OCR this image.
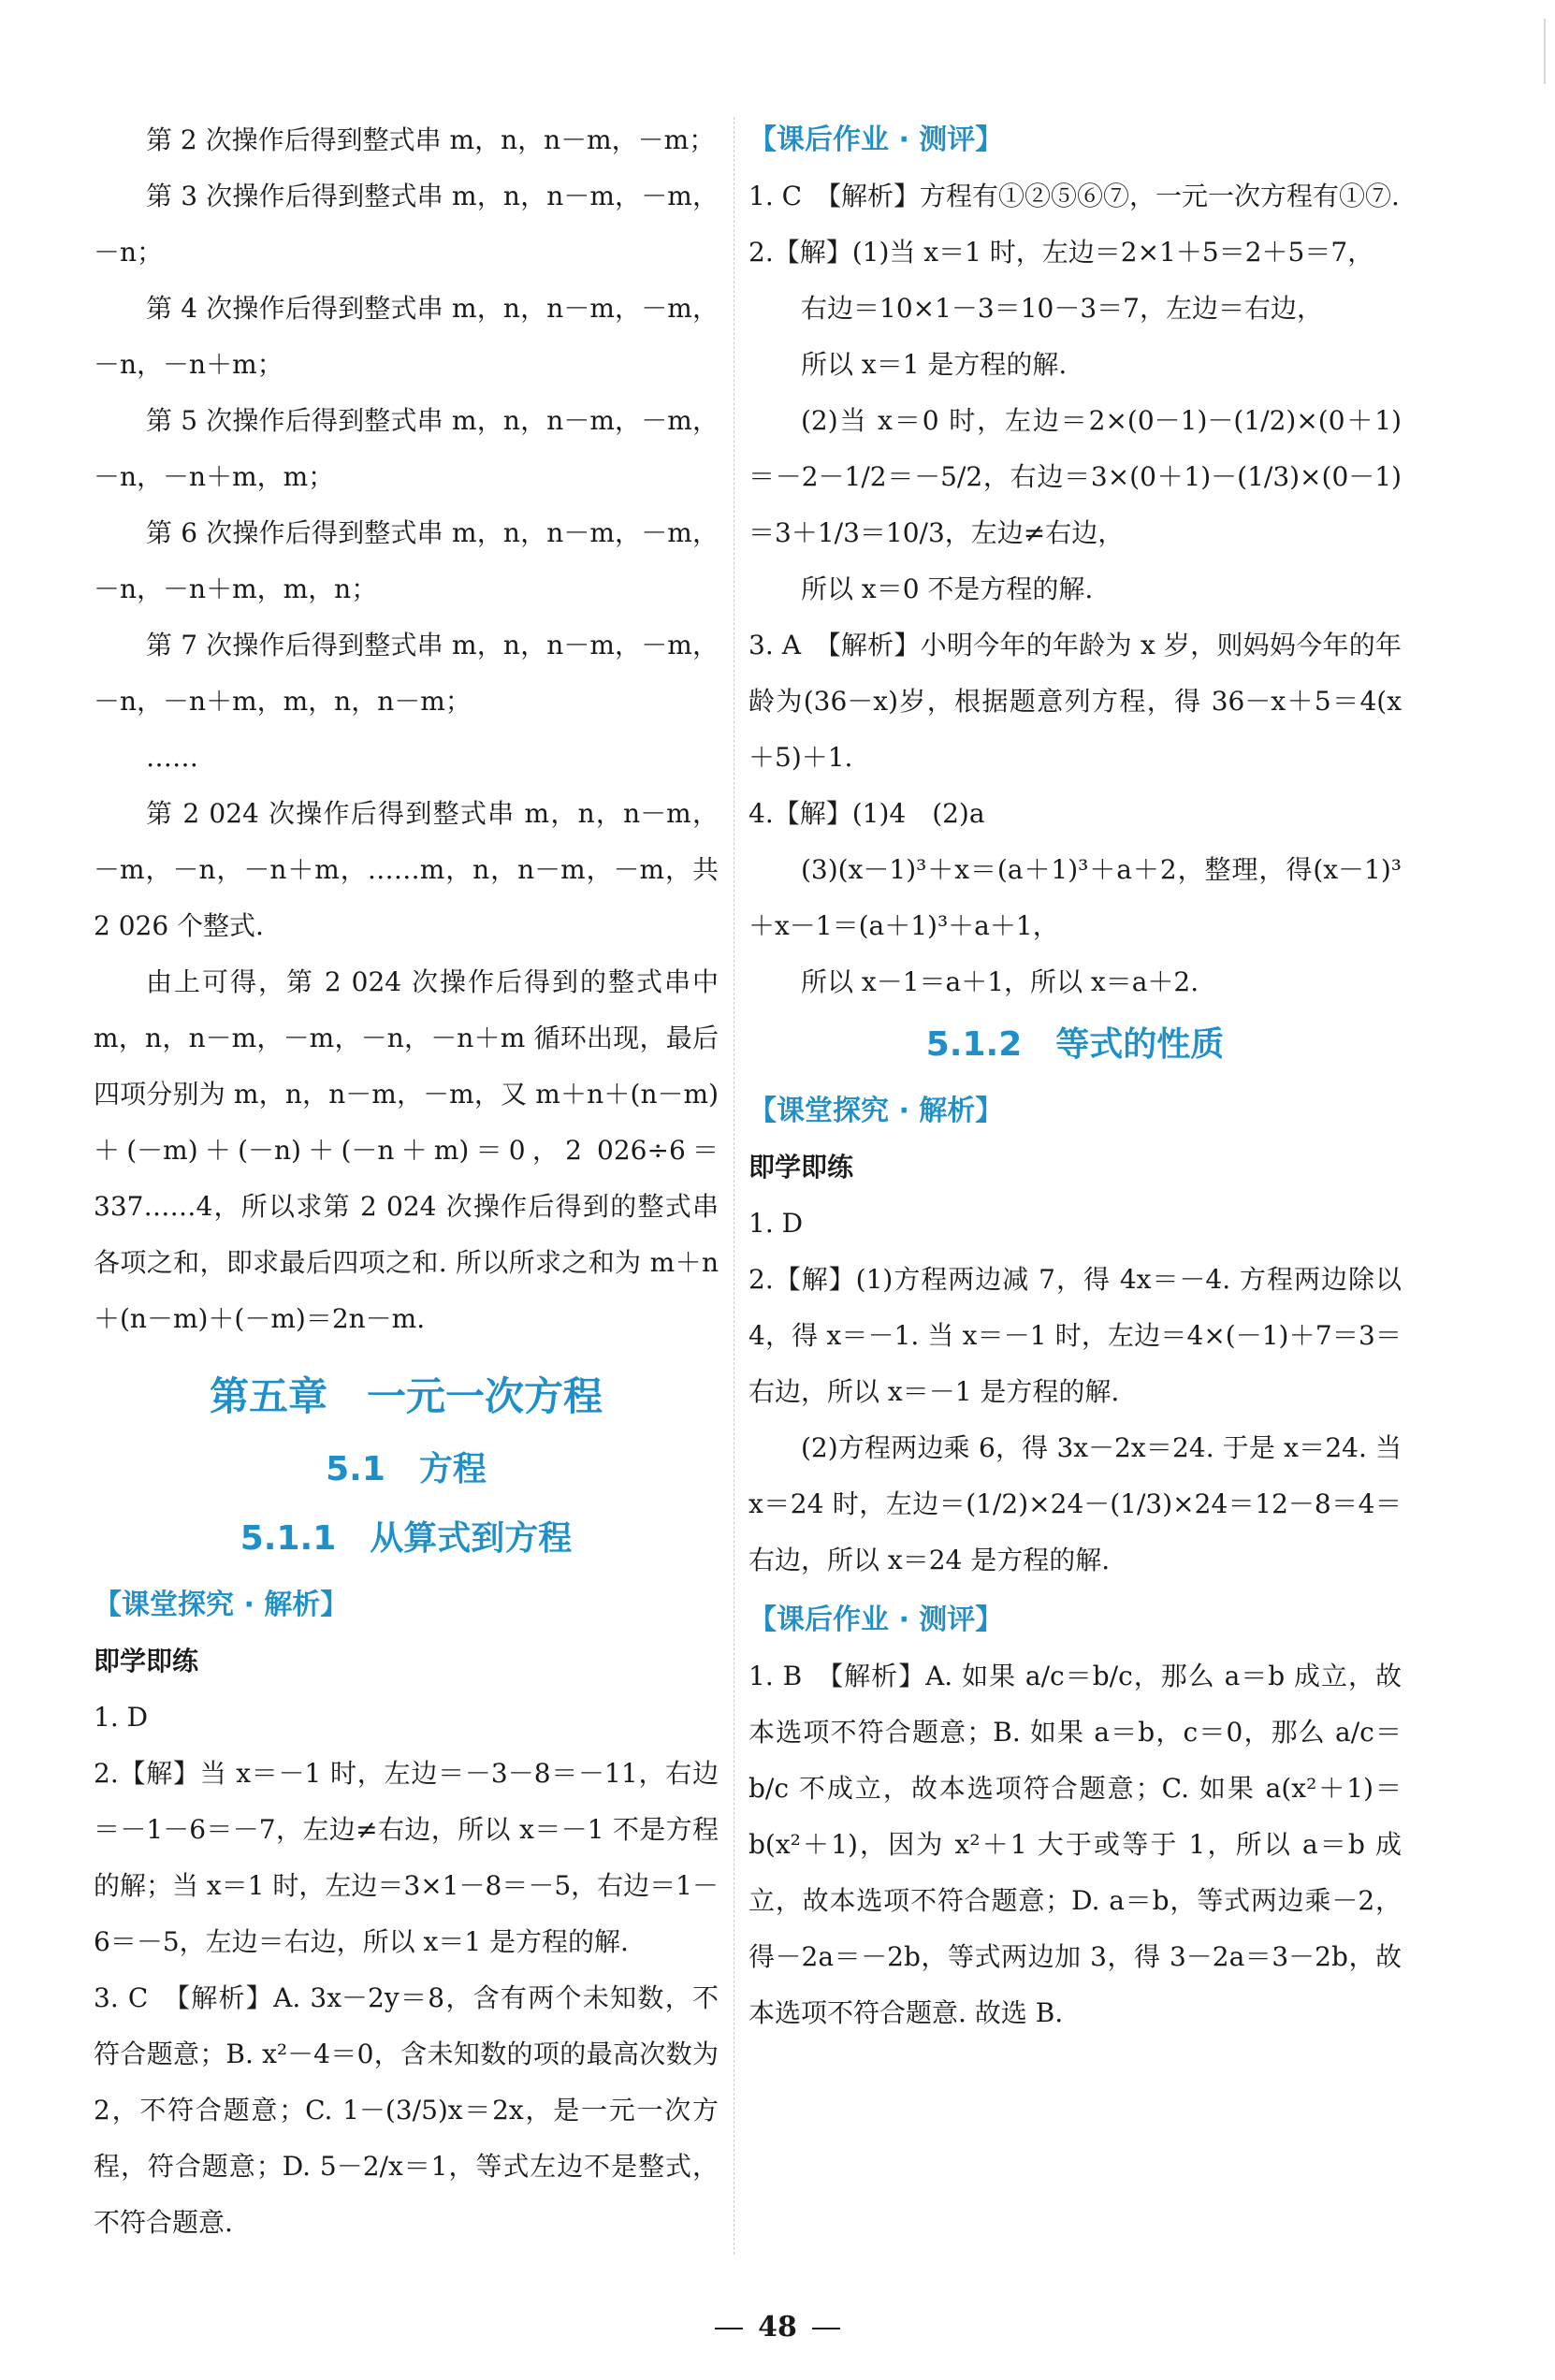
第 2 次操作后得到整式串 m，n，n－m，－m；

第 3 次操作后得到整式串 m，n，n－m，－m，－n；

第 4 次操作后得到整式串 m，n，n－m，－m，－n，－n＋m；

第 5 次操作后得到整式串 m，n，n－m，－m，－n，－n＋m，m；

第 6 次操作后得到整式串 m，n，n－m，－m，－n，－n＋m，m，n；

第 7 次操作后得到整式串 m，n，n－m，－m，－n，－n＋m，m，n，n－m；

……

第 2 024 次操作后得到整式串 m，n，n－m，－m，－n，－n＋m，……m，n，n－m，－m，共 2 026 个整式.

由上可得，第 2 024 次操作后得到的整式串中 m，n，n－m，－m，－n，－n＋m 循环出现，最后四项分别为 m，n，n－m，－m，又 m＋n＋(n－m)＋(－m)＋(－n)＋(－n＋m)＝0，2 026÷6＝337……4，所以求第 2 024 次操作后得到的整式串各项之和，即求最后四项之和. 所以所求之和为 m＋n＋(n－m)＋(－m)＝2n－m.

第五章　一元一次方程
5.1　方程
5.1.1　从算式到方程
【课堂探究 · 解析】

即学即练

1. D

2.【解】当 x＝－1 时，左边＝－3－8＝－11，右边＝－1－6＝－7，左边≠右边，所以 x＝－1 不是方程的解；当 x＝1 时，左边＝3×1－8＝－5，右边＝1－6＝－5，左边＝右边，所以 x＝1 是方程的解.

3. C　【解析】A. 3x－2y＝8，含有两个未知数，不符合题意；B. x²－4＝0，含未知数的项的最高次数为 2，不符合题意；C. 1－(3/5)x＝2x，是一元一次方程，符合题意；D. 5－2/x＝1，等式左边不是整式，不符合题意.

【课后作业 · 测评】

1. C　【解析】方程有①②⑤⑥⑦，一元一次方程有①⑦.

2.【解】(1)当 x＝1 时，左边＝2×1＋5＝2＋5＝7，

右边＝10×1－3＝10－3＝7，左边＝右边，

所以 x＝1 是方程的解.

(2)当 x＝0 时，左边＝2×(0－1)－(1/2)×(0＋1)＝－2－1/2＝－5/2，右边＝3×(0＋1)－(1/3)×(0－1)＝3＋1/3＝10/3，左边≠右边，

所以 x＝0 不是方程的解.

3. A　【解析】小明今年的年龄为 x 岁，则妈妈今年的年龄为(36－x)岁，根据题意列方程，得 36－x＋5＝4(x＋5)＋1.

4.【解】(1)4　(2)a

(3)(x－1)³＋x＝(a＋1)³＋a＋2，整理，得(x－1)³＋x－1＝(a＋1)³＋a＋1，

所以 x－1＝a＋1，所以 x＝a＋2.

5.1.2　等式的性质
【课堂探究 · 解析】

即学即练

1. D

2.【解】(1)方程两边减 7，得 4x＝－4. 方程两边除以 4，得 x＝－1. 当 x＝－1 时，左边＝4×(－1)＋7＝3＝右边，所以 x＝－1 是方程的解.

(2)方程两边乘 6，得 3x－2x＝24. 于是 x＝24. 当 x＝24 时，左边＝(1/2)×24－(1/3)×24＝12－8＝4＝右边，所以 x＝24 是方程的解.

【课后作业 · 测评】

1. B　【解析】A. 如果 a/c＝b/c，那么 a＝b 成立，故本选项不符合题意；B. 如果 a＝b，c＝0，那么 a/c＝b/c 不成立，故本选项符合题意；C. 如果 a(x²＋1)＝b(x²＋1)，因为 x²＋1 大于或等于 1，所以 a＝b 成立，故本选项不符合题意；D. a＝b，等式两边乘－2，得－2a＝－2b，等式两边加 3，得 3－2a＝3－2b，故本选项不符合题意. 故选 B.

48
